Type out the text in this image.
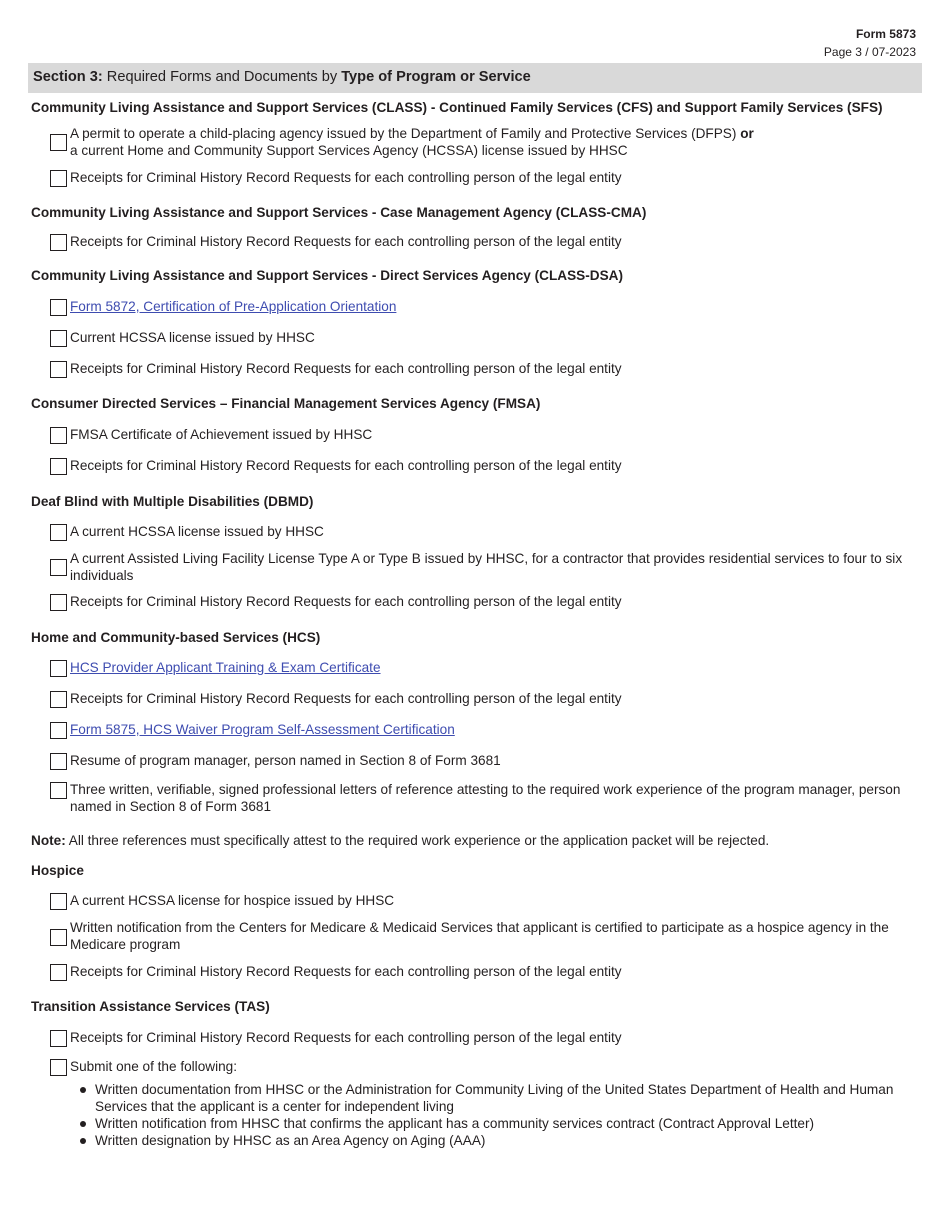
Form 5873
Page 3 / 07-2023
Section 3: Required Forms and Documents by Type of Program or Service
Community Living Assistance and Support Services (CLASS) - Continued Family Services (CFS) and Support Family Services (SFS)
A permit to operate a child-placing agency issued by the Department of Family and Protective Services (DFPS) or
a current Home and Community Support Services Agency (HCSSA) license issued by HHSC
Receipts for Criminal History Record Requests for each controlling person of the legal entity
Community Living Assistance and Support Services - Case Management Agency (CLASS-CMA)
Receipts for Criminal History Record Requests for each controlling person of the legal entity
Community Living Assistance and Support Services - Direct Services Agency (CLASS-DSA)
Form 5872, Certification of Pre-Application Orientation
Current HCSSA license issued by HHSC
Receipts for Criminal History Record Requests for each controlling person of the legal entity
Consumer Directed Services – Financial Management Services Agency (FMSA)
FMSA Certificate of Achievement issued by HHSC
Receipts for Criminal History Record Requests for each controlling person of the legal entity
Deaf Blind with Multiple Disabilities (DBMD)
A current HCSSA license issued by HHSC
A current Assisted Living Facility License Type A or Type B issued by HHSC, for a contractor that provides residential services to four to six individuals
Receipts for Criminal History Record Requests for each controlling person of the legal entity
Home and Community-based Services (HCS)
HCS Provider Applicant Training & Exam Certificate
Receipts for Criminal History Record Requests for each controlling person of the legal entity
Form 5875, HCS Waiver Program Self-Assessment Certification
Resume of program manager, person named in Section 8 of Form 3681
Three written, verifiable, signed professional letters of reference attesting to the required work experience of the program manager, person named in Section 8 of Form 3681
Note: All three references must specifically attest to the required work experience or the application packet will be rejected.
Hospice
A current HCSSA license for hospice issued by HHSC
Written notification from the Centers for Medicare & Medicaid Services that applicant is certified to participate as a hospice agency in the Medicare program
Receipts for Criminal History Record Requests for each controlling person of the legal entity
Transition Assistance Services (TAS)
Receipts for Criminal History Record Requests for each controlling person of the legal entity
Submit one of the following:
Written documentation from HHSC or the Administration for Community Living of the United States Department of Health and Human Services that the applicant is a center for independent living
Written notification from HHSC that confirms the applicant has a community services contract (Contract Approval Letter)
Written designation by HHSC as an Area Agency on Aging (AAA)
